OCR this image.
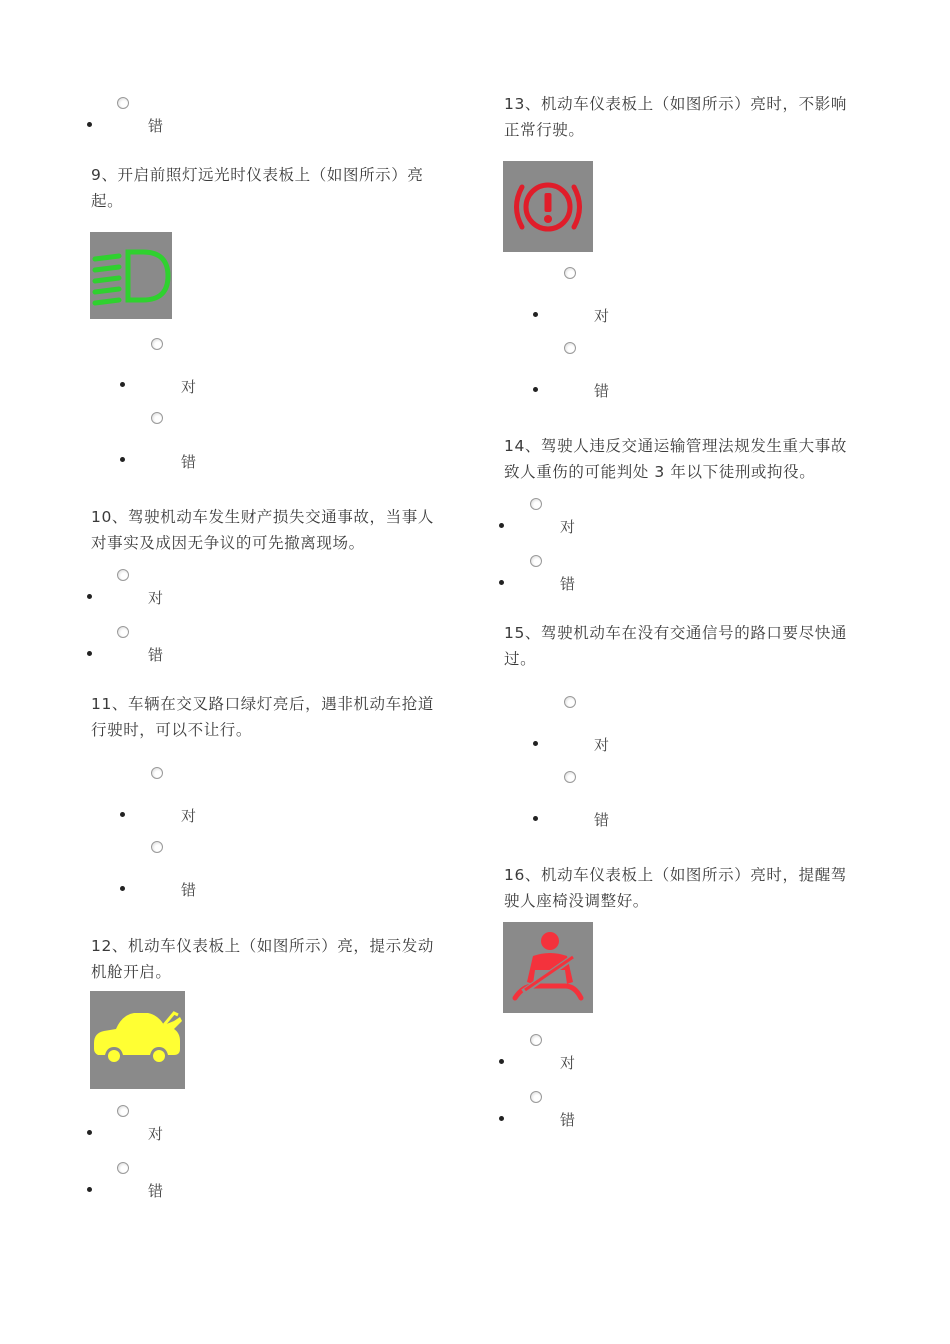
错
9、开启前照灯远光时仪表板上（如图所示）亮
起。
对
错
10、驾驶机动车发生财产损失交通事故，当事人
对事实及成因无争议的可先撤离现场。
对
错
11、车辆在交叉路口绿灯亮后，遇非机动车抢道
行驶时，可以不让行。
对
错
12、机动车仪表板上（如图所示）亮，提示发动
机舱开启。
对
错
13、机动车仪表板上（如图所示）亮时，不影响
正常行驶。
对
错
14、驾驶人违反交通运输管理法规发生重大事故
致人重伤的可能判处 3 年以下徒刑或拘役。
对
错
15、驾驶机动车在没有交通信号的路口要尽快通
过。
对
错
16、机动车仪表板上（如图所示）亮时，提醒驾
驶人座椅没调整好。
对
错
